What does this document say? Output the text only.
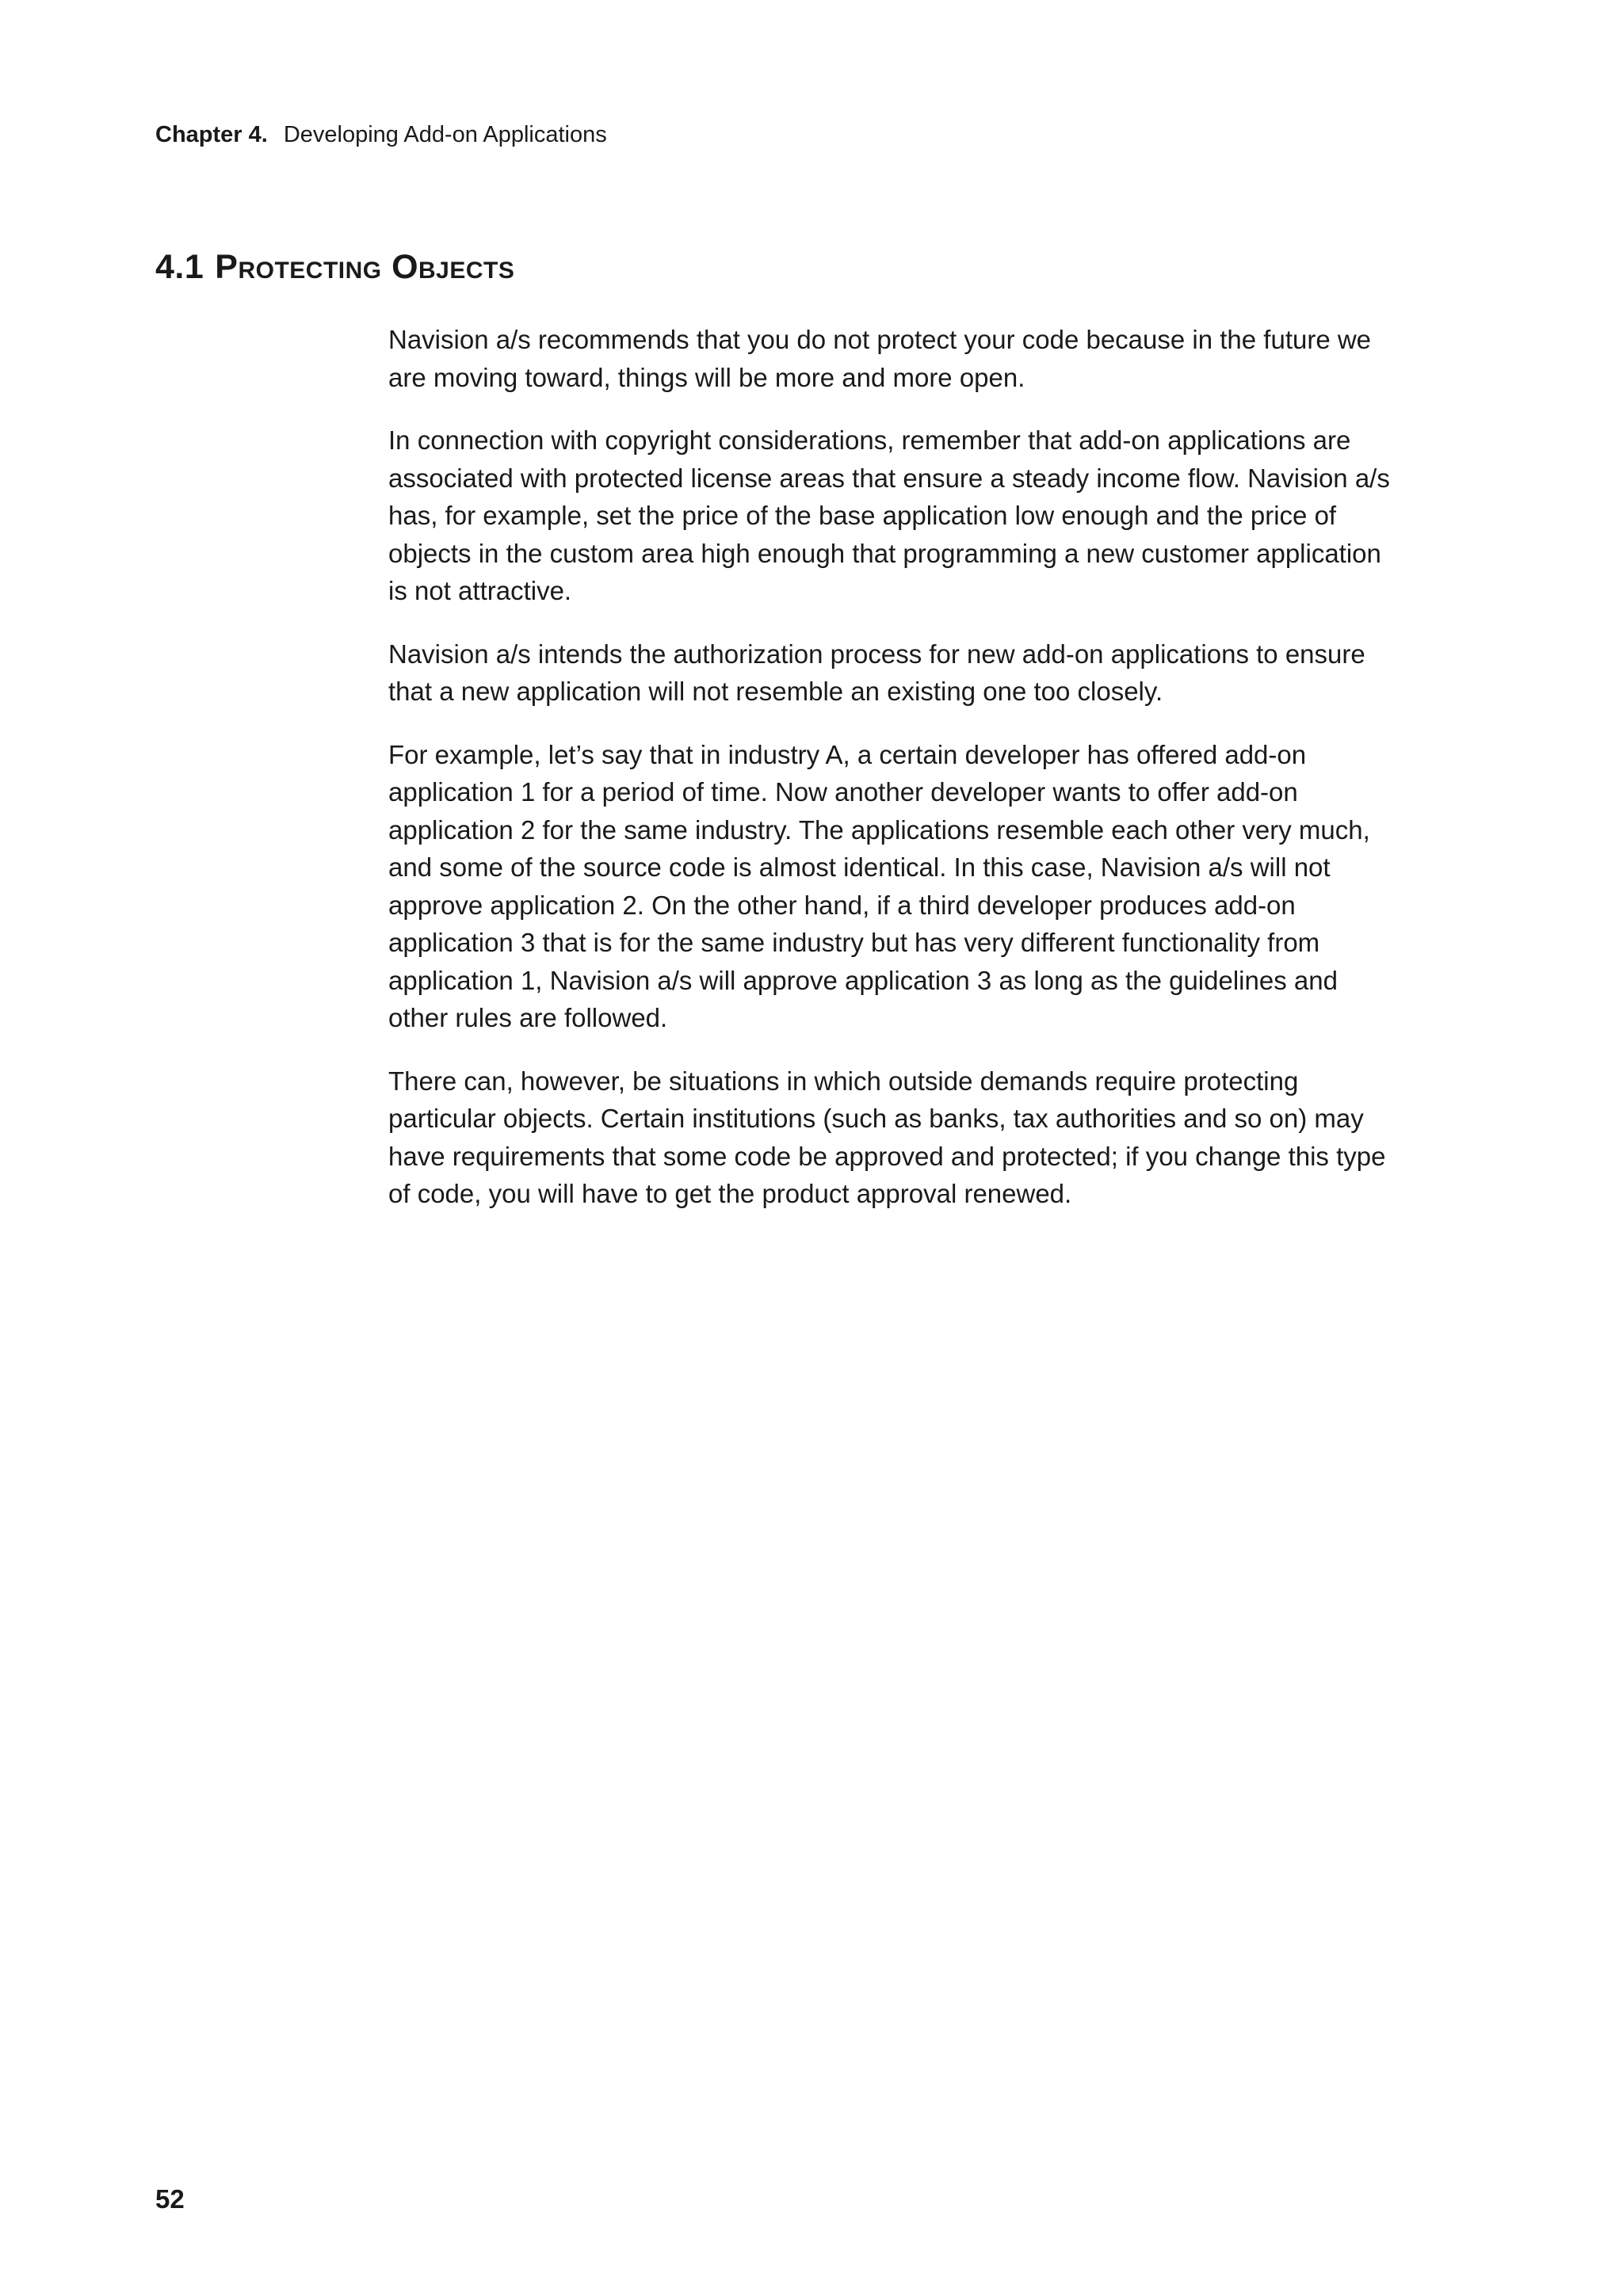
Chapter 4. Developing Add-on Applications
4.1 Protecting Objects

Navision a/s recommends that you do not protect your code because in the future we are moving toward, things will be more and more open.

In connection with copyright considerations, remember that add-on applications are associated with protected license areas that ensure a steady income flow. Navision a/s has, for example, set the price of the base application low enough and the price of objects in the custom area high enough that programming a new customer application is not attractive.

Navision a/s intends the authorization process for new add-on applications to ensure that a new application will not resemble an existing one too closely.

For example, let’s say that in industry A, a certain developer has offered add-on application 1 for a period of time. Now another developer wants to offer add-on application 2 for the same industry. The applications resemble each other very much, and some of the source code is almost identical. In this case, Navision a/s will not approve application 2. On the other hand, if a third developer produces add-on application 3 that is for the same industry but has very different functionality from application 1, Navision a/s will approve application 3 as long as the guidelines and other rules are followed.

There can, however, be situations in which outside demands require protecting particular objects. Certain institutions (such as banks, tax authorities and so on) may have requirements that some code be approved and protected; if you change this type of code, you will have to get the product approval renewed.

52
